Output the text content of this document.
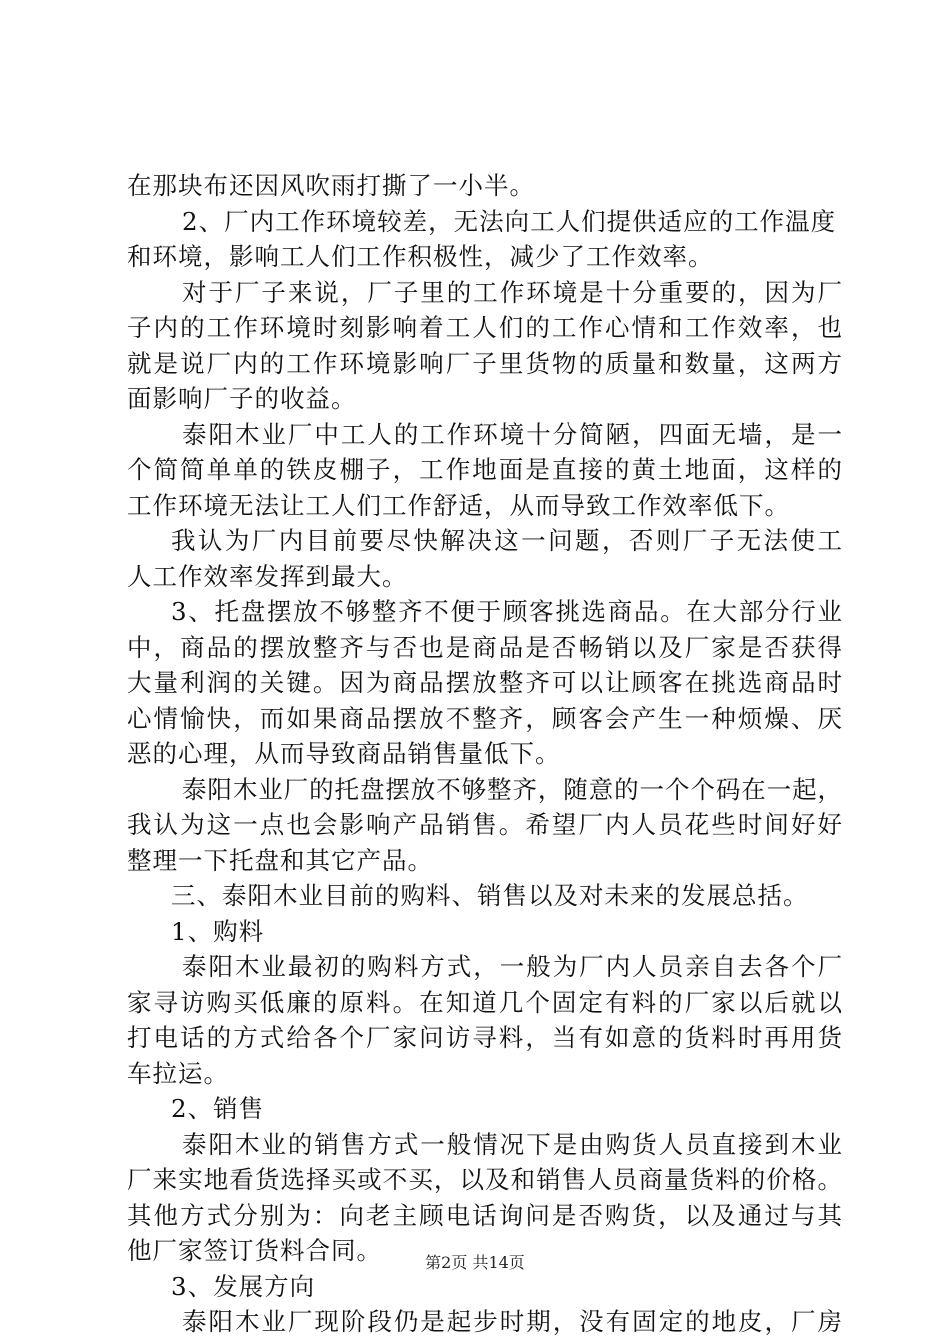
在那块布还因风吹雨打撕了一小半。
2、厂内工作环境较差，无法向工人们提供适应的工作温度
和环境，影响工人们工作积极性，减少了工作效率。
对于厂子来说，厂子里的工作环境是十分重要的，因为厂
子内的工作环境时刻影响着工人们的工作心情和工作效率，也
就是说厂内的工作环境影响厂子里货物的质量和数量，这两方
面影响厂子的收益。
泰阳木业厂中工人的工作环境十分简陋，四面无墙，是一
个简简单单的铁皮棚子，工作地面是直接的黄土地面，这样的
工作环境无法让工人们工作舒适，从而导致工作效率低下。
我认为厂内目前要尽快解决这一问题，否则厂子无法使工
人工作效率发挥到最大。
3、托盘摆放不够整齐不便于顾客挑选商品。在大部分行业
中，商品的摆放整齐与否也是商品是否畅销以及厂家是否获得
大量利润的关键。因为商品摆放整齐可以让顾客在挑选商品时
心情愉快，而如果商品摆放不整齐，顾客会产生一种烦燥、厌
恶的心理，从而导致商品销售量低下。
泰阳木业厂的托盘摆放不够整齐，随意的一个个码在一起，
我认为这一点也会影响产品销售。希望厂内人员花些时间好好
整理一下托盘和其它产品。
三、泰阳木业目前的购料、销售以及对未来的发展总括。
1、购料
泰阳木业最初的购料方式，一般为厂内人员亲自去各个厂
家寻访购买低廉的原料。在知道几个固定有料的厂家以后就以
打电话的方式给各个厂家问访寻料，当有如意的货料时再用货
车拉运。
2、销售
泰阳木业的销售方式一般情况下是由购货人员直接到木业
厂来实地看货选择买或不买，以及和销售人员商量货料的价格。
其他方式分别为：向老主顾电话询问是否购货，以及通过与其
他厂家签订货料合同。
3、发展方向
泰阳木业厂现阶段仍是起步时期，没有固定的地皮，厂房
第2页 共14页
